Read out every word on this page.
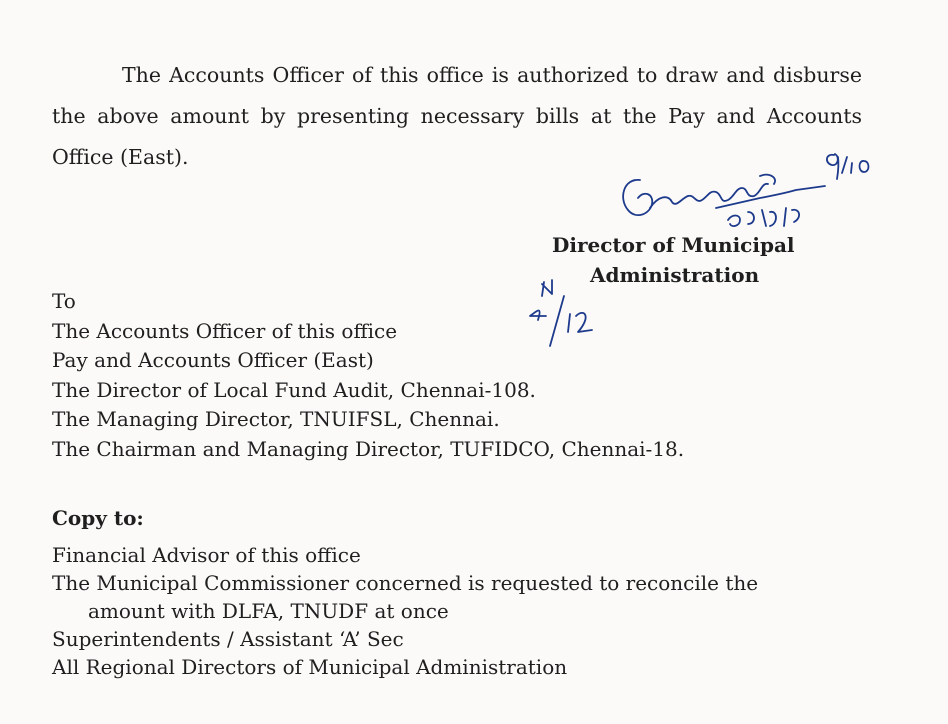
The Accounts Officer of this office is authorized to draw and disburse the above amount by presenting necessary bills at the Pay and Accounts Office (East).

Director of Municipal
Administration
To
The Accounts Officer of this office
Pay and Accounts Officer (East)
The Director of Local Fund Audit, Chennai-108.
The Managing Director, TNUIFSL, Chennai.
The Chairman and Managing Director, TUFIDCO, Chennai-18.
Copy to:
Financial Advisor of this office
The Municipal Commissioner concerned is requested to reconcile the
amount with DLFA, TNUDF at once
Superintendents / Assistant ‘A’ Sec
All Regional Directors of Municipal Administration
